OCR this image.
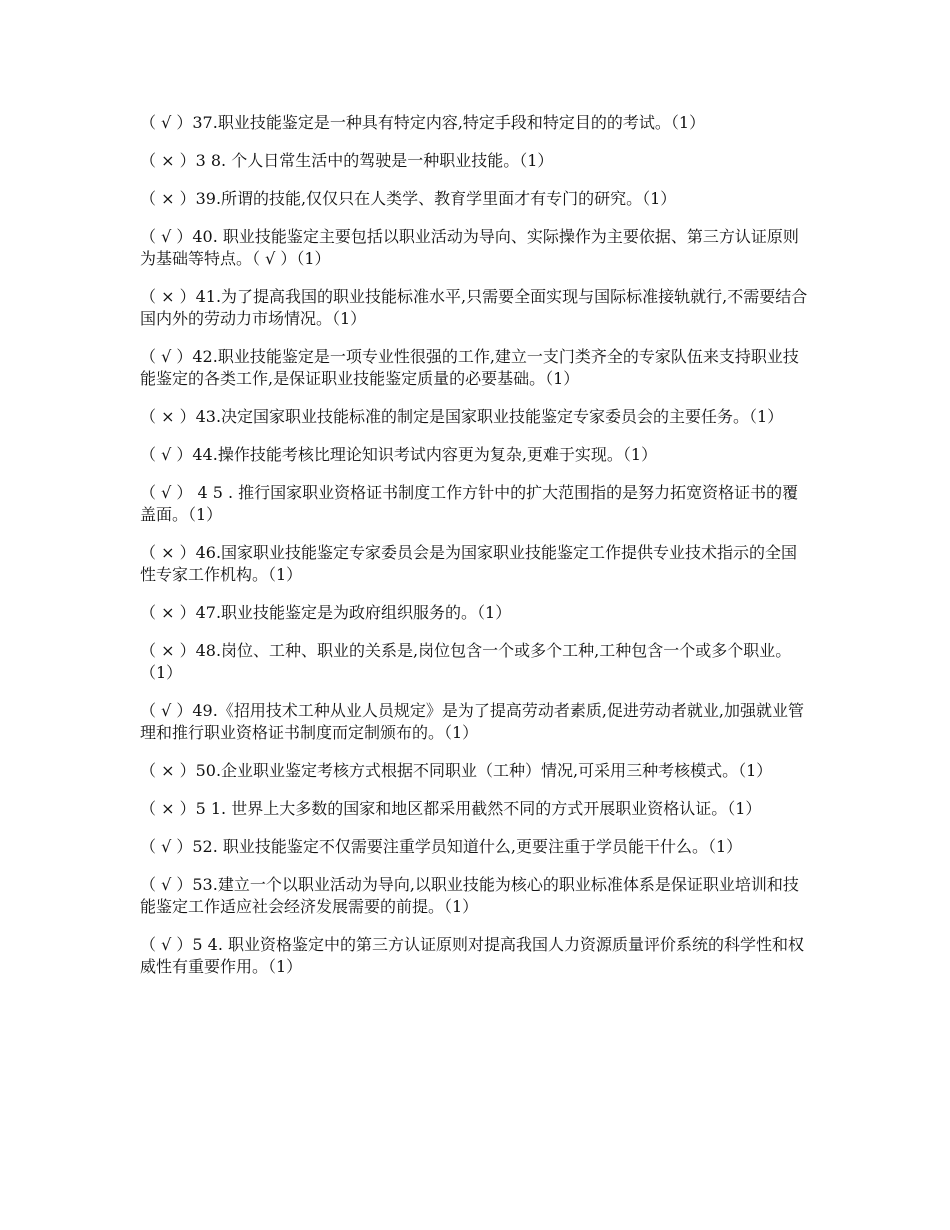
（ √ ）37.职业技能鉴定是一种具有特定内容,特定手段和特定目的的考试。（1）

（ × ）3 8. 个人日常生活中的驾驶是一种职业技能。（1）

（ × ）39.所谓的技能,仅仅只在人类学、教育学里面才有专门的研究。（1）

（ √ ）40. 职业技能鉴定主要包括以职业活动为导向、实际操作为主要依据、第三方认证原则为基础等特点。（ √ ）（1）

（ × ）41.为了提高我国的职业技能标准水平,只需要全面实现与国际标准接轨就行,不需要结合国内外的劳动力市场情况。（1）

（ √ ）42.职业技能鉴定是一项专业性很强的工作,建立一支门类齐全的专家队伍来支持职业技能鉴定的各类工作,是保证职业技能鉴定质量的必要基础。（1）

（ × ）43.决定国家职业技能标准的制定是国家职业技能鉴定专家委员会的主要任务。（1）

（ √ ）44.操作技能考核比理论知识考试内容更为复杂,更难于实现。（1）

（ √ ） 4 5 . 推行国家职业资格证书制度工作方针中的扩大范围指的是努力拓宽资格证书的覆盖面。（1）

（ × ）46.国家职业技能鉴定专家委员会是为国家职业技能鉴定工作提供专业技术指示的全国性专家工作机构。（1）

（ × ）47.职业技能鉴定是为政府组织服务的。（1）

（ × ）48.岗位、工种、职业的关系是,岗位包含一个或多个工种,工种包含一个或多个职业。（1）

（ √ ）49.《招用技术工种从业人员规定》是为了提高劳动者素质,促进劳动者就业,加强就业管理和推行职业资格证书制度而定制颁布的。（1）

（ × ）50.企业职业鉴定考核方式根据不同职业（工种）情况,可采用三种考核模式。（1）

（ × ）5 1. 世界上大多数的国家和地区都采用截然不同的方式开展职业资格认证。（1）

（ √ ）52. 职业技能鉴定不仅需要注重学员知道什么,更要注重于学员能干什么。（1）

（ √ ）53.建立一个以职业活动为导向,以职业技能为核心的职业标准体系是保证职业培训和技能鉴定工作适应社会经济发展需要的前提。（1）

（ √ ）5 4. 职业资格鉴定中的第三方认证原则对提高我国人力资源质量评价系统的科学性和权威性有重要作用。（1）
